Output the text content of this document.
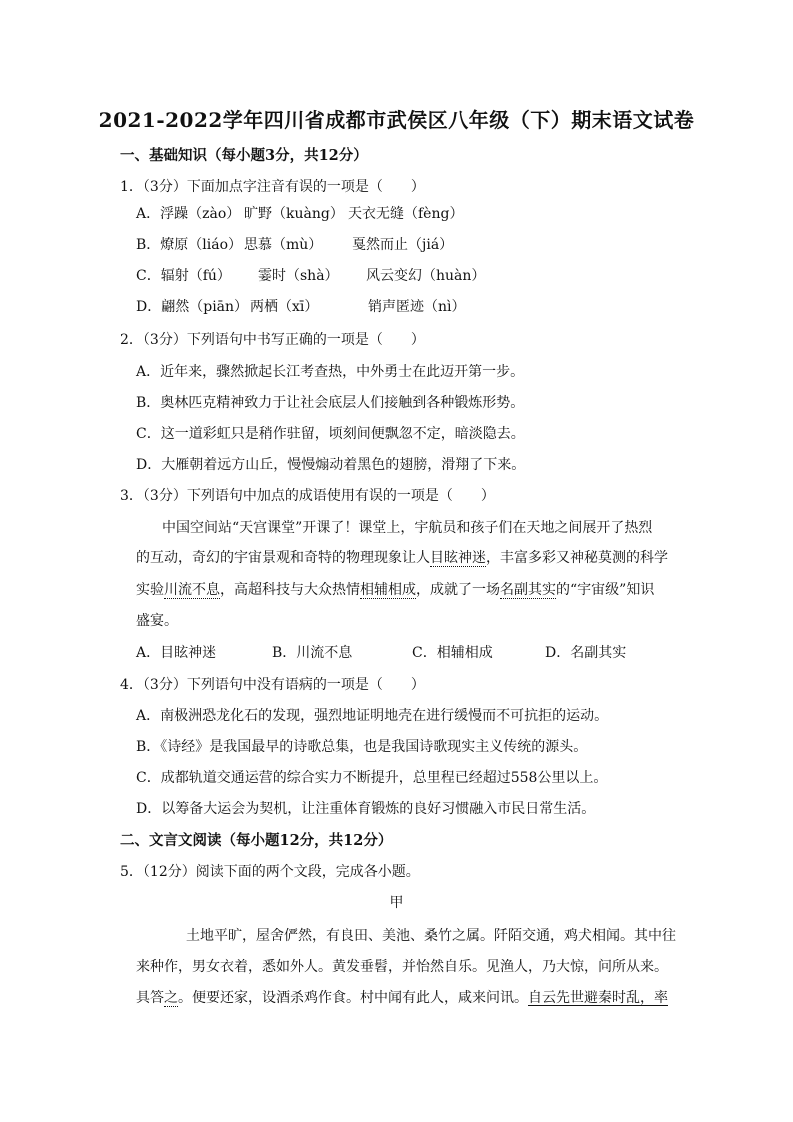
2021-2022学年四川省成都市武侯区八年级（下）期末语文试卷
一、基础知识（每小题3分，共12分）
1．（3分）下面加点字注音有误的一项是（　　）
A．浮躁（zào） 旷野（kuàng） 天衣无缝（fèng）
B．燎原（liáo） 思慕（mù） 戛然而止（jiá）
C．辐射（fú） 霎时（shà） 风云变幻（huàn）
D．翩然（piān） 两栖（xī）	销声匿迹（nì）
2．（3分）下列语句中书写正确的一项是（　　）
A．近年来，骤然掀起长江考查热，中外勇士在此迈开第一步。
B．奥林匹克精神致力于让社会底层人们接触到各种锻炼形势。
C．这一道彩虹只是稍作驻留，顷刻间便飘忽不定，暗淡隐去。
D．大雁朝着远方山丘，慢慢煽动着黑色的翅膀，滑翔了下来。
3．（3分）下列语句中加点的成语使用有误的一项是（　　）
中国空间站“天宫课堂”开课了！课堂上，宇航员和孩子们在天地之间展开了热烈
的互动，奇幻的宇宙景观和奇特的物理现象让人目眩神迷，丰富多彩又神秘莫测的科学
实验川流不息，高超科技与大众热情相辅相成，成就了一场名副其实的“宇宙级”知识
盛宴。
A．目眩神迷	B．川流不息	C．相辅相成	D．名副其实
4．（3分）下列语句中没有语病的一项是（　　）
A．南极洲恐龙化石的发现，强烈地证明地壳在进行缓慢而不可抗拒的运动。
B．《诗经》是我国最早的诗歌总集，也是我国诗歌现实主义传统的源头。
C．成都轨道交通运营的综合实力不断提升，总里程已经超过558公里以上。
D．以筹备大运会为契机，让注重体育锻炼的良好习惯融入市民日常生活。
二、文言文阅读（每小题12分，共12分）
5．（12分）阅读下面的两个文段，完成各小题。
甲
土地平旷，屋舍俨然，有良田、美池、桑竹之属。阡陌交通，鸡犬相闻。其中往
来种作，男女衣着，悉如外人。黄发垂髫，并怡然自乐。见渔人，乃大惊，问所从来。
具答之。便要还家，设酒杀鸡作食。村中闻有此人，咸来问讯。自云先世避秦时乱，率
